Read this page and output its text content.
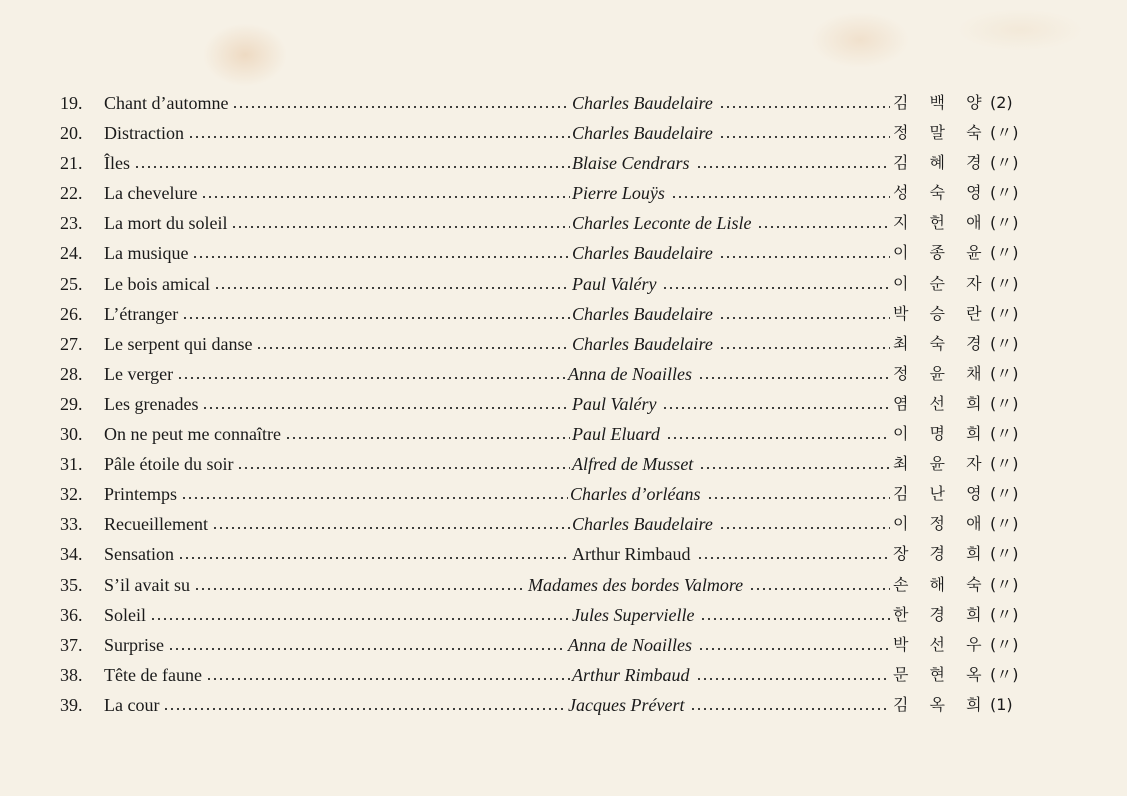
19.	Chant d’automne	Charles Baudelaire	김 백 양 (2)
20.	Distraction	Charles Baudelaire	정 말 숙 (〃)
21.	Îles	Blaise Cendrars	김 혜 경 (〃)
22.	La chevelure	Pierre Louÿs	성 숙 영 (〃)
23.	La mort du soleil	Charles Leconte de Lisle	지 헌 애 (〃)
24.	La musique	Charles Baudelaire	이 종 윤 (〃)
25.	Le bois amical	Paul Valéry	이 순 자 (〃)
26.	L’étranger	Charles Baudelaire	박 승 란 (〃)
27.	Le serpent qui danse	Charles Baudelaire	최 숙 경 (〃)
28.	Le verger	Anna de Noailles	정 윤 채 (〃)
29.	Les grenades	Paul Valéry	염 선 희 (〃)
30.	On ne peut me connaître	Paul Eluard	이 명 희 (〃)
31.	Pâle étoile du soir	Alfred de Musset	최 윤 자 (〃)
32.	Printemps	Charles d’orléans	김 난 영 (〃)
33.	Recueillement	Charles Baudelaire	이 정 애 (〃)
34.	Sensation	Arthur Rimbaud	장 경 희 (〃)
35.	S’il avait su	Madames des bordes Valmore	손 해 숙 (〃)
36.	Soleil	Jules Supervielle	한 경 희 (〃)
37.	Surprise	Anna de Noailles	박 선 우 (〃)
38.	Tête de faune	Arthur Rimbaud	문 현 옥 (〃)
39.	La cour	Jacques Prévert	김 옥 희 (1)
